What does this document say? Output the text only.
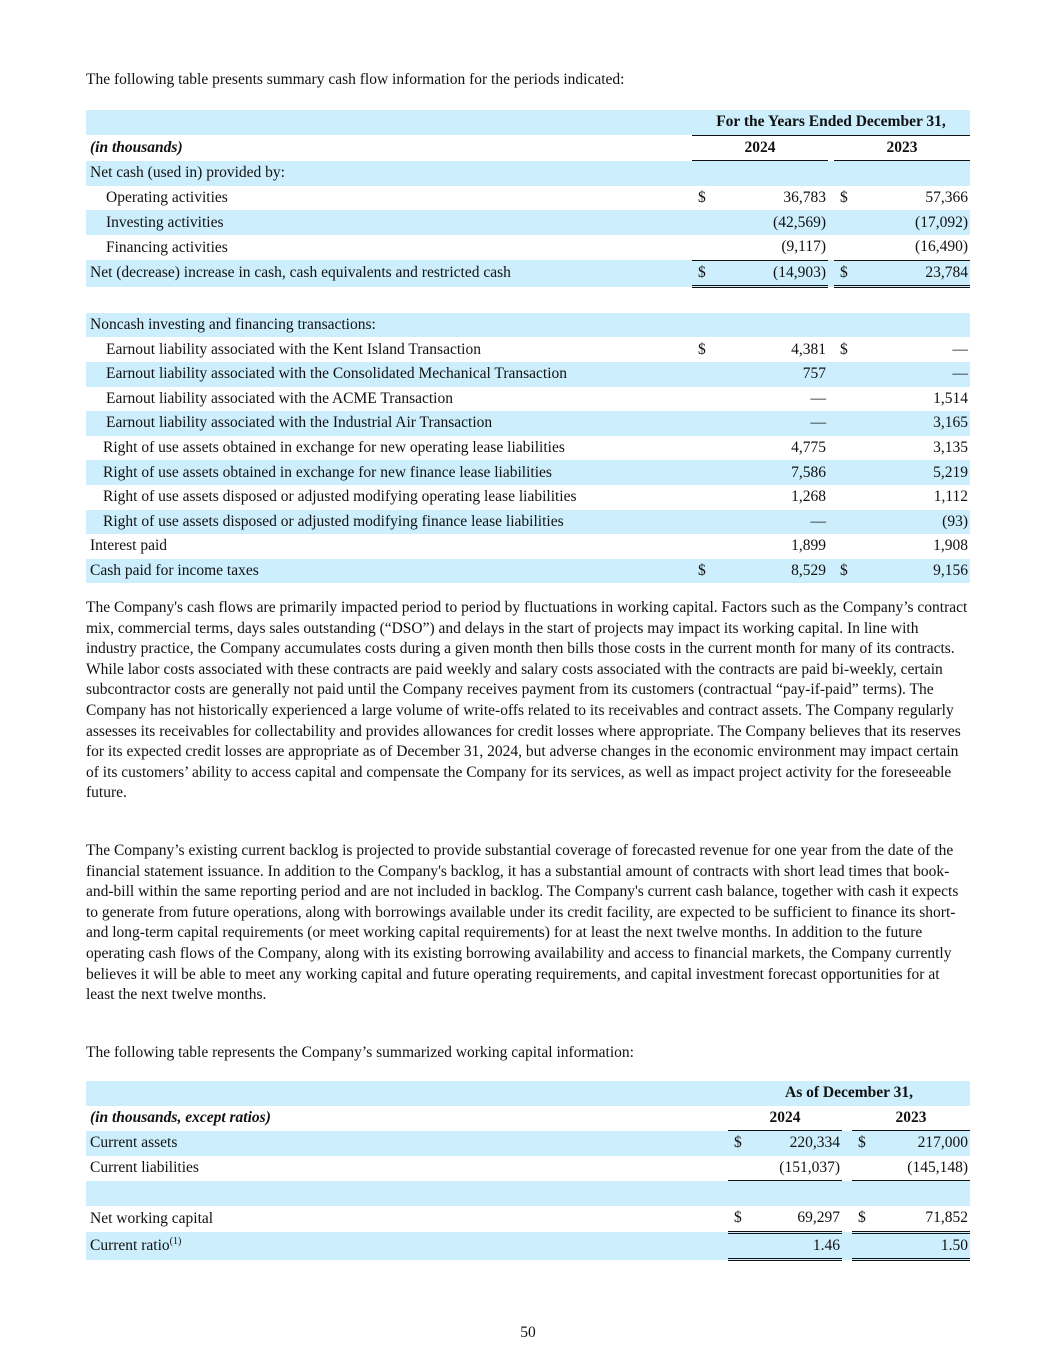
The following table presents summary cash flow information for the periods indicated:

	For the Years Ended December 31,				
(in thousands)	2024			2023	
Net cash (used in) provided by:					
Operating activities	$	36,783		$	57,366
Investing activities		(42,569)			(17,092)
Financing activities		(9,117)			(16,490)
Net (decrease) increase in cash, cash equivalents and restricted cash	$	(14,903)		$	23,784

Noncash investing and financing transactions:					
Earnout liability associated with the Kent Island Transaction	$	4,381		$	—
Earnout liability associated with the Consolidated Mechanical Transaction		757			—
Earnout liability associated with the ACME Transaction		—			1,514
Earnout liability associated with the Industrial Air Transaction		—			3,165
Right of use assets obtained in exchange for new operating lease liabilities		4,775			3,135
Right of use assets obtained in exchange for new finance lease liabilities		7,586			5,219
Right of use assets disposed or adjusted modifying operating lease liabilities		1,268			1,112
Right of use assets disposed or adjusted modifying finance lease liabilities		—			(93)
Interest paid		1,899			1,908
Cash paid for income taxes	$	8,529		$	9,156

The Company's cash flows are primarily impacted period to period by fluctuations in working capital. Factors such as the Company’s contract mix, commercial terms, days sales outstanding (“DSO”) and delays in the start of projects may impact its working capital. In line with industry practice, the Company accumulates costs during a given month then bills those costs in the current month for many of its contracts. While labor costs associated with these contracts are paid weekly and salary costs associated with the contracts are paid bi-weekly, certain subcontractor costs are generally not paid until the Company receives payment from its customers (contractual “pay-if-paid” terms). The Company has not historically experienced a large volume of write-offs related to its receivables and contract assets. The Company regularly assesses its receivables for collectability and provides allowances for credit losses where appropriate. The Company believes that its reserves for its expected credit losses are appropriate as of December 31, 2024, but adverse changes in the economic environment may impact certain of its customers’ ability to access capital and compensate the Company for its services, as well as impact project activity for the foreseeable future.

The Company’s existing current backlog is projected to provide substantial coverage of forecasted revenue for one year from the date of the financial statement issuance. In addition to the Company's backlog, it has a substantial amount of contracts with short lead times that book-and-bill within the same reporting period and are not included in backlog. The Company's current cash balance, together with cash it expects to generate from future operations, along with borrowings available under its credit facility, are expected to be sufficient to finance its short- and long-term capital requirements (or meet working capital requirements) for at least the next twelve months. In addition to the future operating cash flows of the Company, along with its existing borrowing availability and access to financial markets, the Company currently believes it will be able to meet any working capital and future operating requirements, and capital investment forecast opportunities for at least the next twelve months.

The following table represents the Company’s summarized working capital information:

	As of December 31,				
(in thousands, except ratios)	2024			2023	
Current assets	$	220,334		$	217,000
Current liabilities		(151,037)			(145,148)

Net working capital	$	69,297		$	71,852
Current ratio$^{(1)}$		1.46			1.50

50
